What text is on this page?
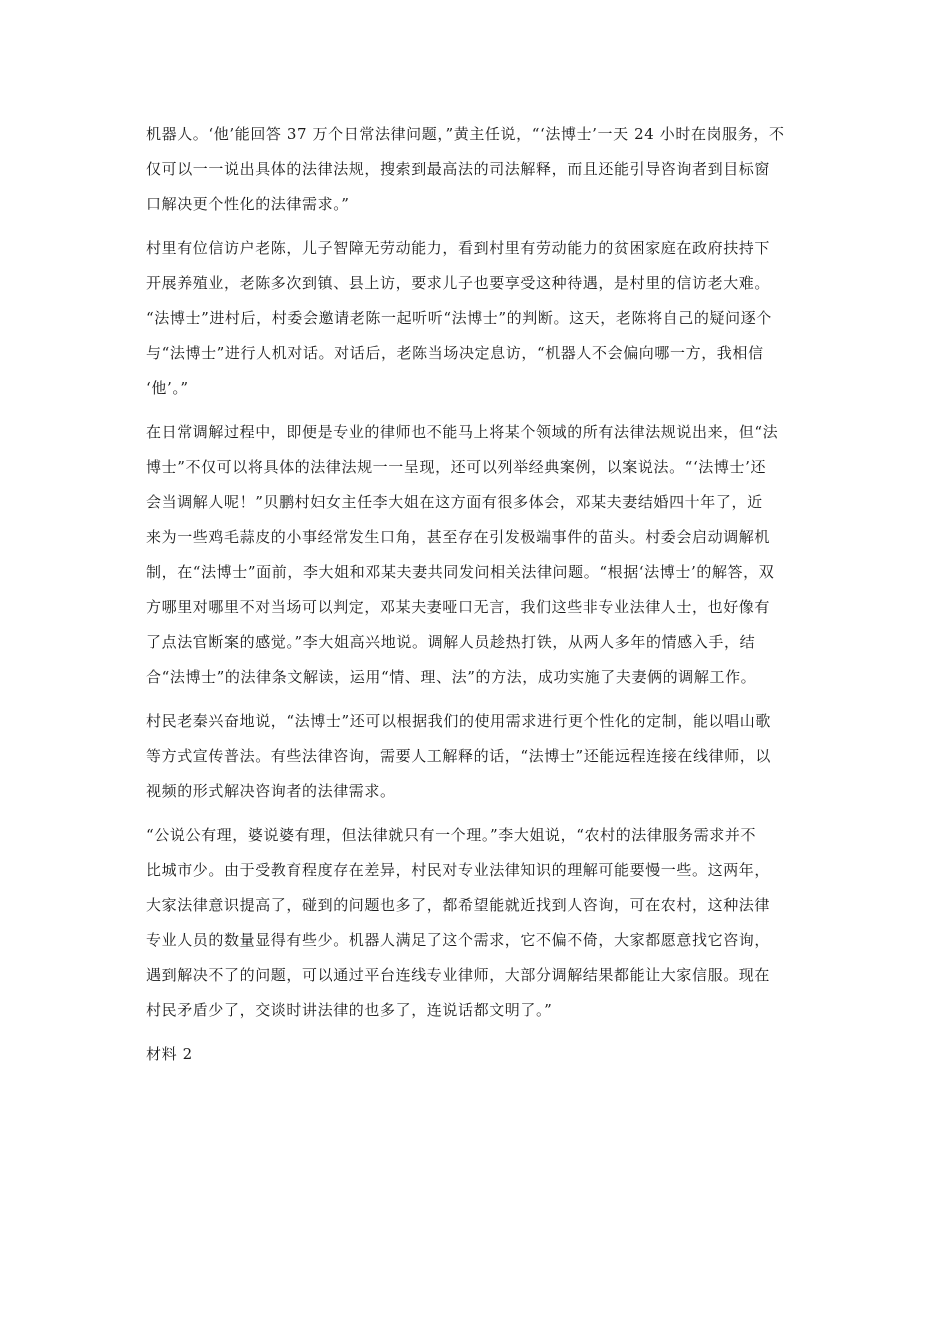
机器人。‘他’能回答 37 万个日常法律问题，”黄主任说，“‘法博士’一天 24 小时在岗服务，不
仅可以一一说出具体的法律法规，搜索到最高法的司法解释，而且还能引导咨询者到目标窗
口解决更个性化的法律需求。”
村里有位信访户老陈，儿子智障无劳动能力，看到村里有劳动能力的贫困家庭在政府扶持下
开展养殖业，老陈多次到镇、县上访，要求儿子也要享受这种待遇，是村里的信访老大难。
“法博士”进村后，村委会邀请老陈一起听听“法博士”的判断。这天，老陈将自己的疑问逐个
与“法博士”进行人机对话。对话后，老陈当场决定息访，“机器人不会偏向哪一方，我相信
‘他’。”
在日常调解过程中，即便是专业的律师也不能马上将某个领域的所有法律法规说出来，但“法
博士”不仅可以将具体的法律法规一一呈现，还可以列举经典案例，以案说法。“‘法博士’还
会当调解人呢！”贝鹏村妇女主任李大姐在这方面有很多体会，邓某夫妻结婚四十年了，近
来为一些鸡毛蒜皮的小事经常发生口角，甚至存在引发极端事件的苗头。村委会启动调解机
制，在“法博士”面前，李大姐和邓某夫妻共同发问相关法律问题。“根据‘法博士’的解答，双
方哪里对哪里不对当场可以判定，邓某夫妻哑口无言，我们这些非专业法律人士，也好像有
了点法官断案的感觉。”李大姐高兴地说。调解人员趁热打铁，从两人多年的情感入手，结
合“法博士”的法律条文解读，运用“情、理、法”的方法，成功实施了夫妻俩的调解工作。
村民老秦兴奋地说，“法博士”还可以根据我们的使用需求进行更个性化的定制，能以唱山歌
等方式宣传普法。有些法律咨询，需要人工解释的话，“法博士”还能远程连接在线律师，以
视频的形式解决咨询者的法律需求。
“公说公有理，婆说婆有理，但法律就只有一个理。”李大姐说，“农村的法律服务需求并不
比城市少。由于受教育程度存在差异，村民对专业法律知识的理解可能要慢一些。这两年，
大家法律意识提高了，碰到的问题也多了，都希望能就近找到人咨询，可在农村，这种法律
专业人员的数量显得有些少。机器人满足了这个需求，它不偏不倚，大家都愿意找它咨询，
遇到解决不了的问题，可以通过平台连线专业律师，大部分调解结果都能让大家信服。现在
村民矛盾少了，交谈时讲法律的也多了，连说话都文明了。”
材料 2
